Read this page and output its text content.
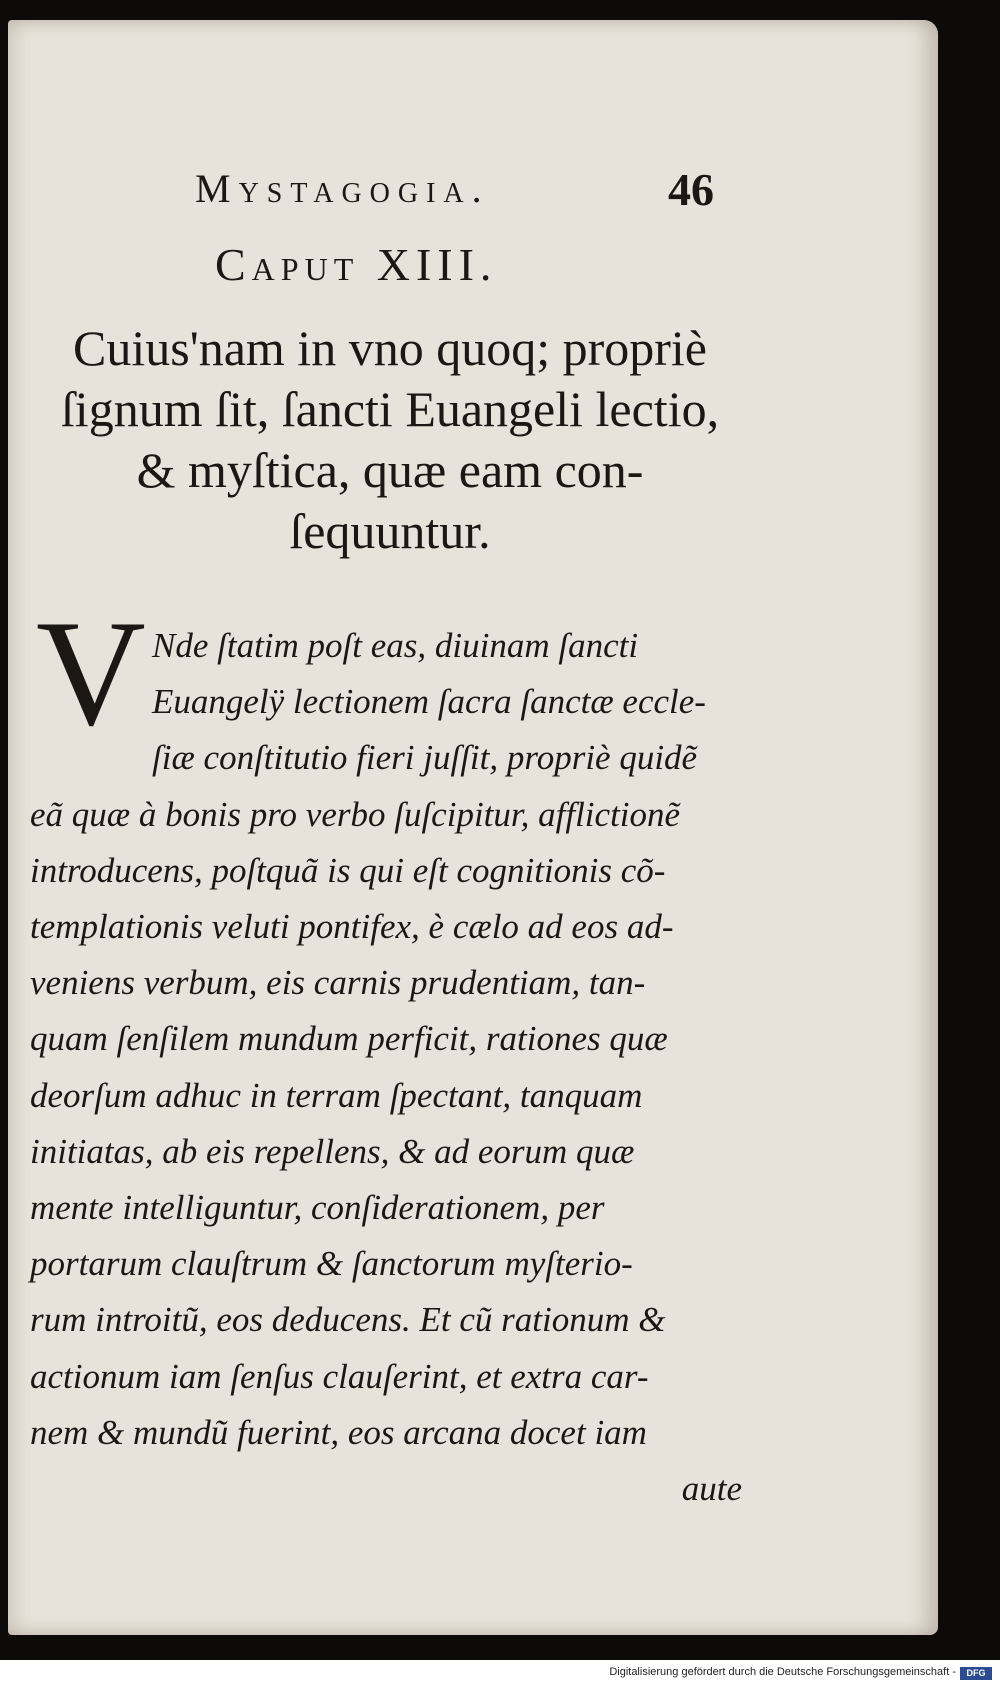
Mystagogia.	46
Caput XIII.
Cuius'nam in vno quoq; propriè
ſignum ſit, ſancti Euangeli lectio,
& myſtica, quæ eam con-
ſequuntur.
V Nde ſtatim poſt eas, diuinam ſancti
Euangelÿ lectionem ſacra ſanctæ eccle-
ſiæ conſtitutio fieri juſſit, propriè quidẽ
eã quæ à bonis pro verbo ſuſcipitur, afflictionẽ
introducens, poſtquã is qui eſt cognitionis cõ-
templationis veluti pontifex, è cælo ad eos ad-
veniens verbum, eis carnis prudentiam, tan-
quam ſenſilem mundum perficit, rationes quæ
deorſum adhuc in terram ſpectant, tanquam
initiatas, ab eis repellens, & ad eorum quæ
mente intelliguntur, conſiderationem, per
portarum clauſtrum & ſanctorum myſterio-
rum introitũ, eos deducens. Et cũ rationum &
actionum iam ſenſus clauſerint, et extra car-
nem & mundũ fuerint, eos arcana docet iam
aute
Digitalisierung gefördert durch die Deutsche Forschungsgemeinschaft -	DFG
